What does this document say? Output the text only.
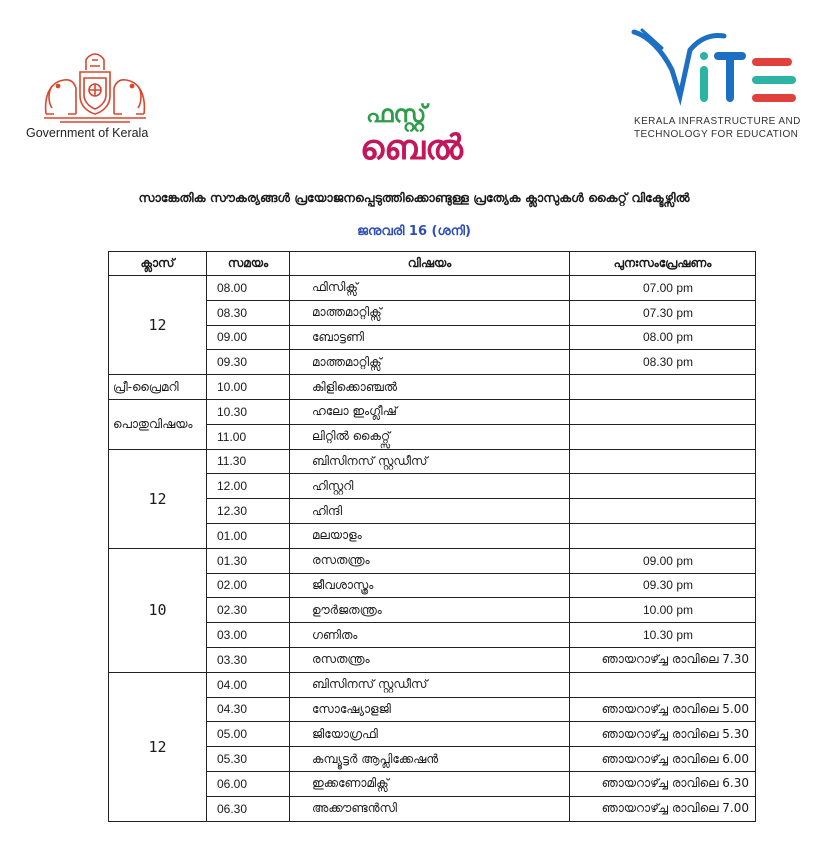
Government of Kerala
ഫസ്റ്റ്
ബെൽ
KERALA INFRASTRUCTURE AND
TECHNOLOGY FOR EDUCATION
സാങ്കേതിക സൗകര്യങ്ങൾ പ്രയോജനപ്പെടുത്തിക്കൊണ്ടുള്ള പ്രത്യേക ക്ലാസുകൾ കൈറ്റ് വിക്ടേഴ്സിൽ
ജനുവരി 16 (ശനി)
ക്ലാസ്	സമയം	വിഷയം	പുനഃസംപ്രേഷണം
12	08.00	ഫിസിക്സ്	07.00 pm
	08.30	മാത്തമാറ്റിക്സ്	07.30 pm
	09.00	ബോട്ടണി	08.00 pm
	09.30	മാത്തമാറ്റിക്സ്	08.30 pm
പ്രീ-പ്രൈമറി	10.00	കിളിക്കൊഞ്ചൽ	
പൊതുവിഷയം	10.30	ഹലോ ഇംഗ്ലീഷ്	
	11.00	ലിറ്റിൽ കൈറ്റ്സ്	
12	11.30	ബിസിനസ് സ്റ്റഡീസ്	
	12.00	ഹിസ്റ്ററി	
	12.30	ഹിന്ദി	
	01.00	മലയാളം	
10	01.30	രസതന്ത്രം	09.00 pm
	02.00	ജീവശാസ്ത്രം	09.30 pm
	02.30	ഊർജതന്ത്രം	10.00 pm
	03.00	ഗണിതം	10.30 pm
	03.30	രസതന്ത്രം	ഞായറാഴ്ച്ച രാവിലെ 7.30
12	04.00	ബിസിനസ് സ്റ്റഡീസ്	
	04.30	സോഷ്യോളജി	ഞായറാഴ്ച്ച രാവിലെ 5.00
	05.00	ജിയോഗ്രഫി	ഞായറാഴ്ച്ച രാവിലെ 5.30
	05.30	കമ്പ്യൂട്ടർ ആപ്ലിക്കേഷൻ	ഞായറാഴ്ച്ച രാവിലെ 6.00
	06.00	ഇക്കണോമിക്സ്	ഞായറാഴ്ച്ച രാവിലെ 6.30
	06.30	അക്കൗണ്ടൻസി	ഞായറാഴ്ച്ച രാവിലെ 7.00
